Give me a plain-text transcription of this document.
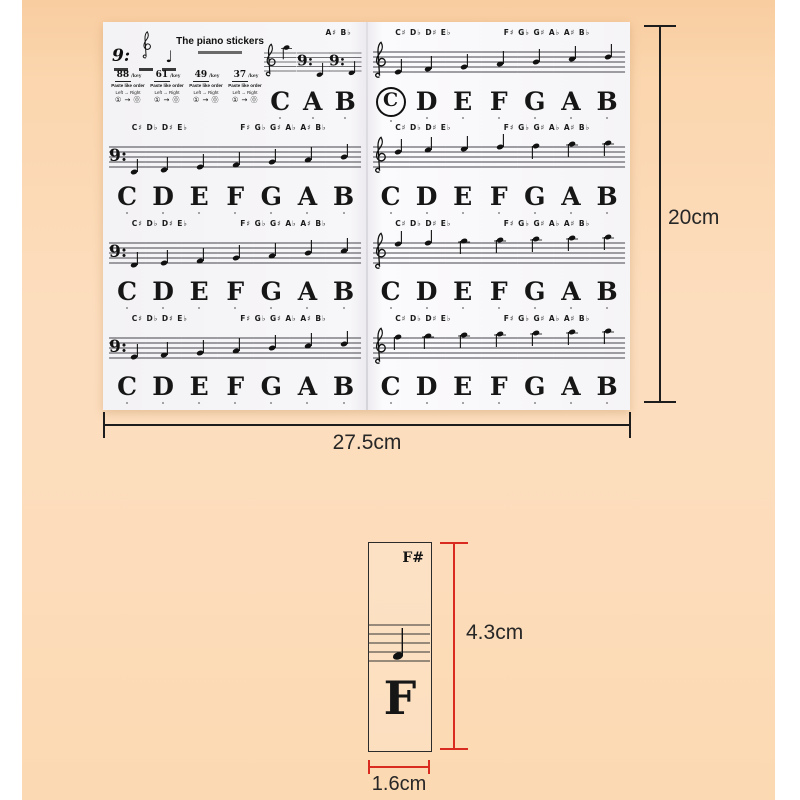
9: ♩
The piano stickers
88 /key
Paste like order
Left → Right
① → ⓪
61 /key
Paste like order
Left → Right
① → ⓪
49 /key
Paste like order
Left → Right
① → ⓪
37 /key
Paste like order
Left → Right
① → ⓪
A♯ B♭
9: 9:
C A B
C♯ D♭ D♯ E♭	F♯ G♭ G♯ A♭ A♯ B♭
9:
C D E F G A B
C♯ D♭ D♯ E♭	F♯ G♭ G♯ A♭ A♯ B♭
9:
C D E F G A B
C♯ D♭ D♯ E♭	F♯ G♭ G♯ A♭ A♯ B♭
9:
C D E F G A B
C♯ D♭ D♯ E♭	F♯ G♭ G♯ A♭ A♯ B♭
C D E F G A B
C♯ D♭ D♯ E♭	F♯ G♭ G♯ A♭ A♯ B♭
C D E F G A B
C♯ D♭ D♯ E♭	F♯ G♭ G♯ A♭ A♯ B♭
C D E F G A B
C♯ D♭ D♯ E♭	F♯ G♭ G♯ A♭ A♯ B♭
C D E F G A B
20cm
27.5cm
F#
F
4.3cm
1.6cm
